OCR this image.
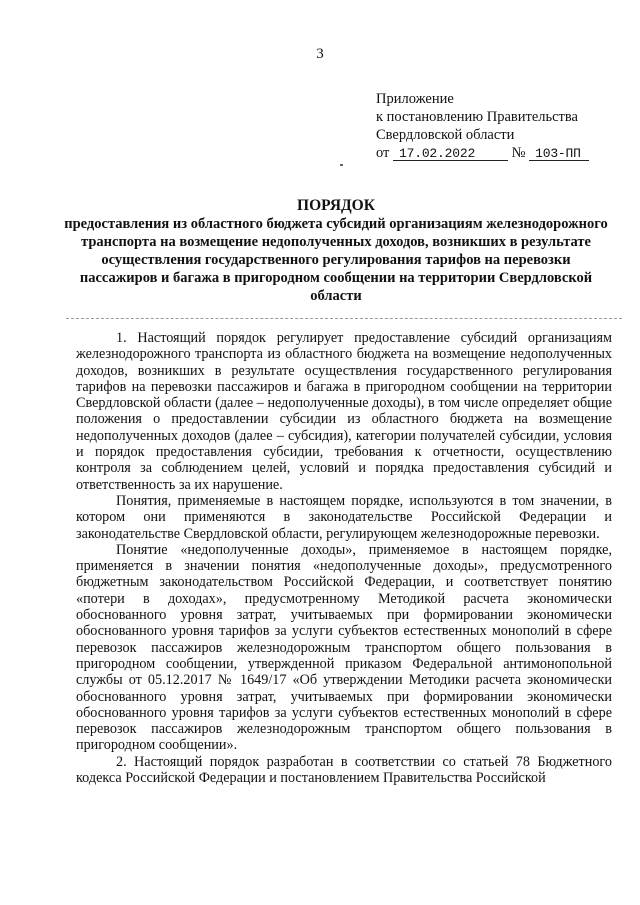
3
Приложение
к постановлению Правительства
Свердловской области
от 17.02.2022	№ 103-ПП
ПОРЯДОК
предоставления из областного бюджета субсидий организациям железнодорожного транспорта на возмещение недополученных доходов, возникших в результате осуществления государственного регулирования тарифов на перевозки пассажиров и багажа в пригородном сообщении на территории Свердловской области

1. Настоящий порядок регулирует предоставление субсидий организациям железнодорожного транспорта из областного бюджета на возмещение недополученных доходов, возникших в результате осуществления государственного регулирования тарифов на перевозки пассажиров и багажа в пригородном сообщении на территории Свердловской области (далее – недополученные доходы), в том числе определяет общие положения о предоставлении субсидии из областного бюджета на возмещение недополученных доходов (далее – субсидия), категории получателей субсидии, условия и порядок предоставления субсидии, требования к отчетности, осуществлению контроля за соблюдением целей, условий и порядка предоставления субсидий и ответственность за их нарушение.

Понятия, применяемые в настоящем порядке, используются в том значении, в котором они применяются в законодательстве Российской Федерации и законодательстве Свердловской области, регулирующем железнодорожные перевозки.

Понятие «недополученные доходы», применяемое в настоящем порядке, применяется в значении понятия «недополученные доходы», предусмотренного бюджетным законодательством Российской Федерации, и соответствует понятию «потери в доходах», предусмотренному Методикой расчета экономически обоснованного уровня затрат, учитываемых при формировании экономически обоснованного уровня тарифов за услуги субъектов естественных монополий в сфере перевозок пассажиров железнодорожным транспортом общего пользования в пригородном сообщении, утвержденной приказом Федеральной антимонопольной службы от 05.12.2017 № 1649/17 «Об утверждении Методики расчета экономически обоснованного уровня затрат, учитываемых при формировании экономически обоснованного уровня тарифов за услуги субъектов естественных монополий в сфере перевозок пассажиров железнодорожным транспортом общего пользования в пригородном сообщении».

2. Настоящий порядок разработан в соответствии со статьей 78 Бюджетного кодекса Российской Федерации и постановлением Правительства Российской
